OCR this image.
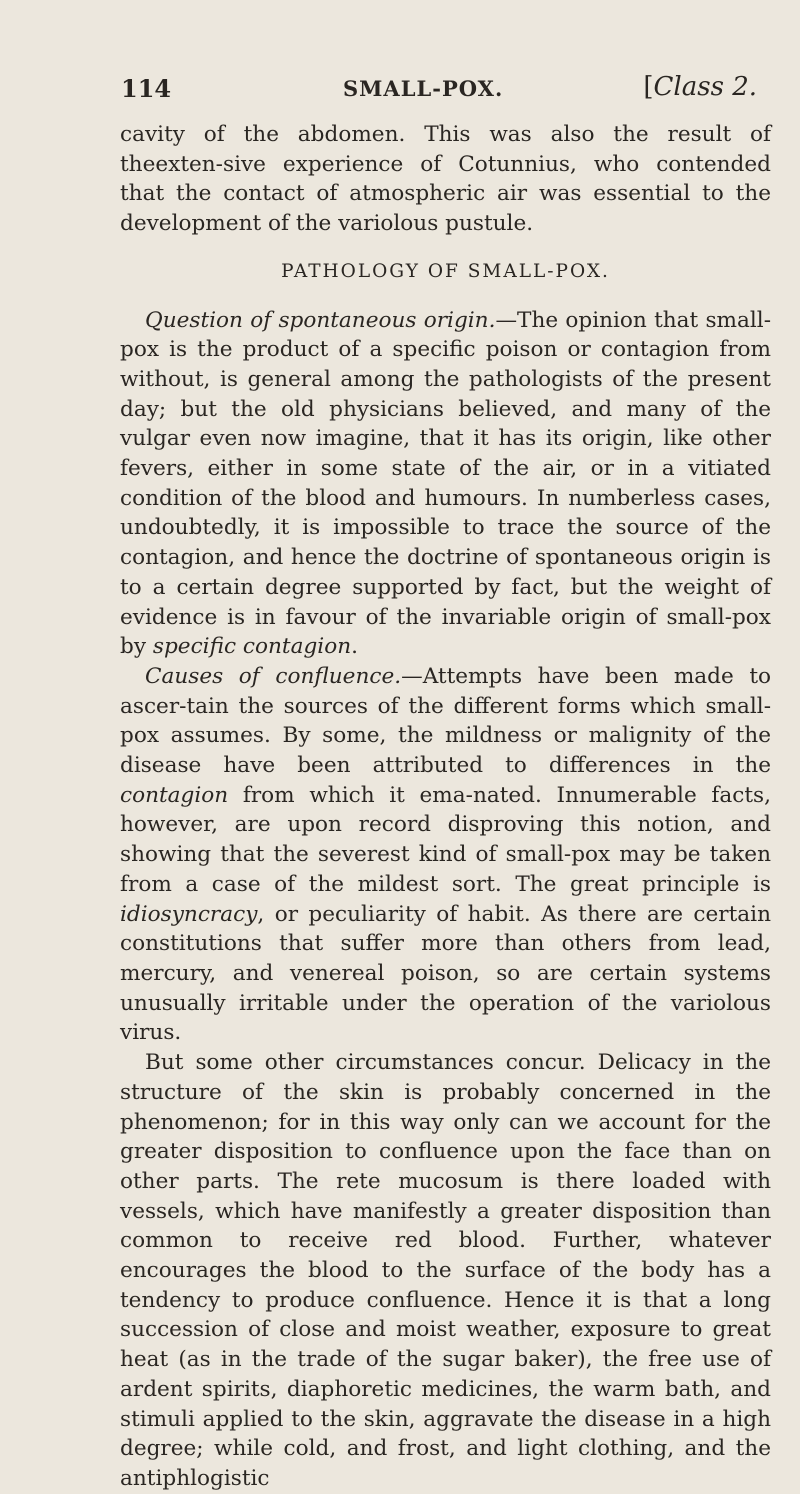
114	SMALL-POX.	[Class 2.

cavity of the abdomen. This was also the result of theexten-sive experience of Cotunnius, who contended that the contact of atmospheric air was essential to the development of the variolous pustule.

PATHOLOGY OF SMALL-POX.

Question of spontaneous origin.—The opinion that small-pox is the product of a specific poison or contagion from without, is general among the pathologists of the present day; but the old physicians believed, and many of the vulgar even now imagine, that it has its origin, like other fevers, either in some state of the air, or in a vitiated condition of the blood and humours. In numberless cases, undoubtedly, it is impossible to trace the source of the contagion, and hence the doctrine of spontaneous origin is to a certain degree supported by fact, but the weight of evidence is in favour of the invariable origin of small-pox by specific contagion.

Causes of confluence.—Attempts have been made to ascer-tain the sources of the different forms which small-pox assumes. By some, the mildness or malignity of the disease have been attributed to differences in the contagion from which it ema-nated. Innumerable facts, however, are upon record disproving this notion, and showing that the severest kind of small-pox may be taken from a case of the mildest sort. The great principle is idiosyncracy, or peculiarity of habit. As there are certain constitutions that suffer more than others from lead, mercury, and venereal poison, so are certain systems unusually irritable under the operation of the variolous virus.

But some other circumstances concur. Delicacy in the structure of the skin is probably concerned in the phenomenon; for in this way only can we account for the greater disposition to confluence upon the face than on other parts. The rete mucosum is there loaded with vessels, which have manifestly a greater disposition than common to receive red blood. Further, whatever encourages the blood to the surface of the body has a tendency to produce confluence. Hence it is that a long succession of close and moist weather, exposure to great heat (as in the trade of the sugar baker), the free use of ardent spirits, diaphoretic medicines, the warm bath, and stimuli applied to the skin, aggravate the disease in a high degree; while cold, and frost, and light clothing, and the antiphlogistic
